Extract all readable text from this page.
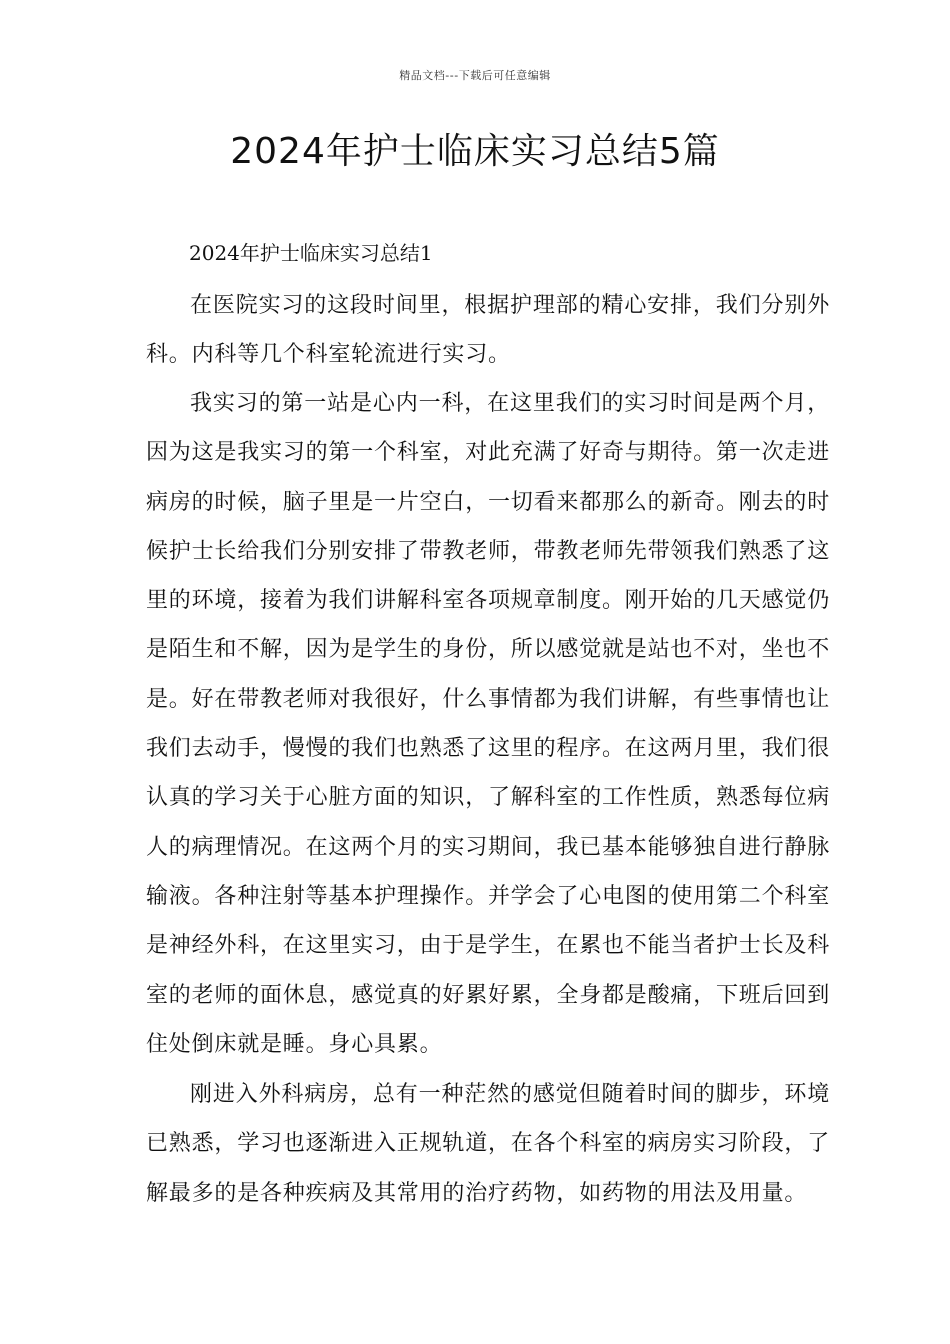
精品文档---下载后可任意编辑
2024年护士临床实习总结5篇
2024年护士临床实习总结1

在医院实习的这段时间里，根据护理部的精心安排，我们分别外科。内科等几个科室轮流进行实习。

我实习的第一站是心内一科，在这里我们的实习时间是两个月，因为这是我实习的第一个科室，对此充满了好奇与期待。第一次走进病房的时候，脑子里是一片空白，一切看来都那么的新奇。刚去的时候护士长给我们分别安排了带教老师，带教老师先带领我们熟悉了这里的环境，接着为我们讲解科室各项规章制度。刚开始的几天感觉仍是陌生和不解，因为是学生的身份，所以感觉就是站也不对，坐也不是。好在带教老师对我很好，什么事情都为我们讲解，有些事情也让我们去动手，慢慢的我们也熟悉了这里的程序。在这两月里，我们很认真的学习关于心脏方面的知识，了解科室的工作性质，熟悉每位病人的病理情况。在这两个月的实习期间，我已基本能够独自进行静脉输液。各种注射等基本护理操作。并学会了心电图的使用第二个科室是神经外科，在这里实习，由于是学生，在累也不能当者护士长及科室的老师的面休息，感觉真的好累好累，全身都是酸痛，下班后回到住处倒床就是睡。身心具累。

刚进入外科病房，总有一种茫然的感觉但随着时间的脚步，环境已熟悉，学习也逐渐进入正规轨道，在各个科室的病房实习阶段，了解最多的是各种疾病及其常用的治疗药物，如药物的用法及用量。
